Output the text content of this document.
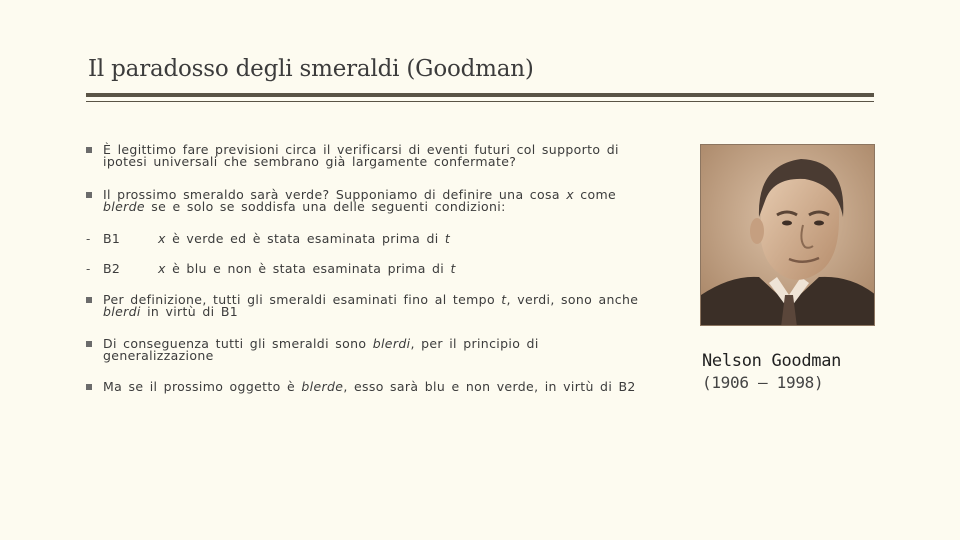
Il paradosso degli smeraldi (Goodman)
È legittimo fare previsioni circa il verificarsi di eventi futuri col supporto di ipotesi universali che sembrano già largamente confermate?
Il prossimo smeraldo sarà verde? Supponiamo di definire una cosa x come blerde se e solo se soddisfa una delle seguenti condizioni:
- B1	x è verde ed è stata esaminata prima di t
- B2	x è blu e non è stata esaminata prima di t
Per definizione, tutti gli smeraldi esaminati fino al tempo t, verdi, sono anche blerdi in virtù di B1
Di conseguenza tutti gli smeraldi sono blerdi, per il principio di generalizzazione
Ma se il prossimo oggetto è blerde, esso sarà blu e non verde, in virtù di B2
Nelson Goodman
(1906 – 1998)
